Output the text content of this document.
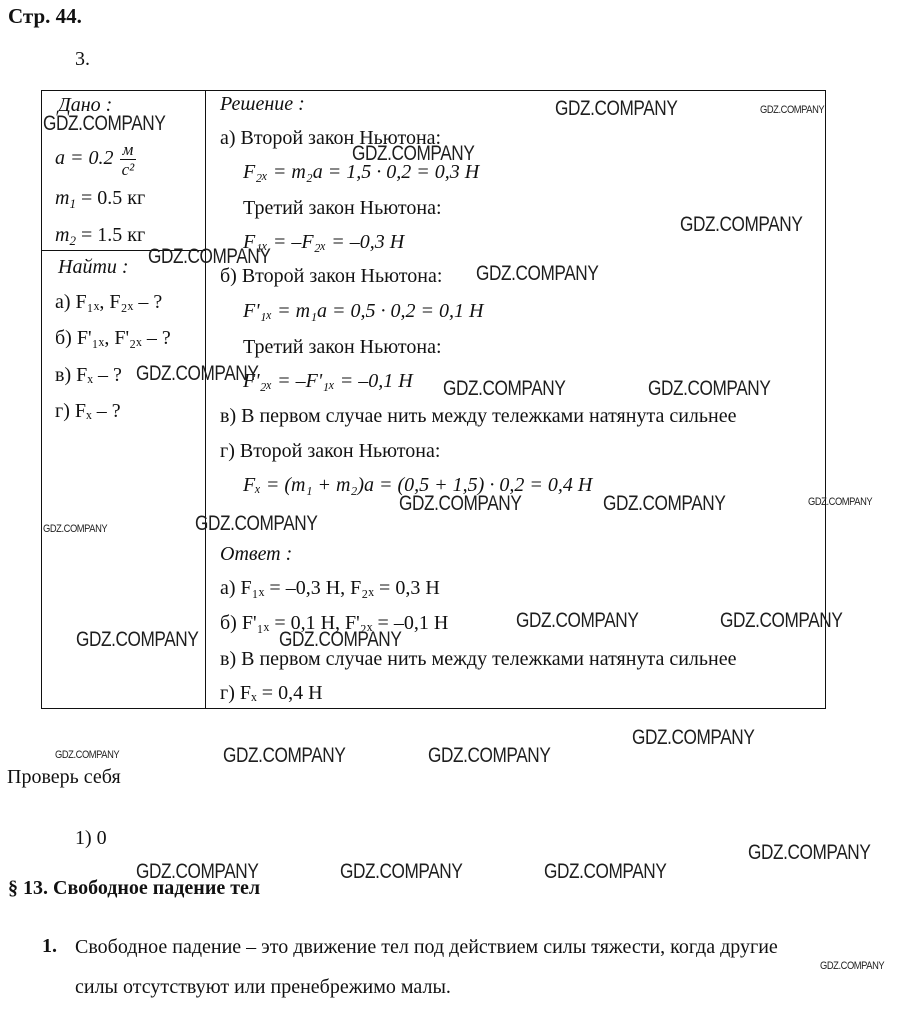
Стр. 44.
3.
Дано :
$a = 0.2 \frac{м}{\text{с²}}$
$m_1 = 0.5$ кг
$m_2 = 1.5$ кг
Найти :
а) F₁ₓ, F₂ₓ – ?
б) F'₁ₓ, F'₂ₓ – ?
в) Fₓ – ?
г) Fₓ – ?
Решение :
а) Второй закон Ньютона:
F₂ₓ = m₂a = 1,5 · 0,2 = 0,3 Н
Третий закон Ньютона:
F₁ₓ = –F₂ₓ = –0,3 Н
б) Второй закон Ньютона:
F'₁ₓ = m₁a = 0,5 · 0,2 = 0,1 Н
Третий закон Ньютона:
F'₂ₓ = –F'₁ₓ = –0,1 Н
в) В первом случае нить между тележками натянута сильнее
г) Второй закон Ньютона:
Fₓ = (m₁ + m₂)a = (0,5 + 1,5) · 0,2 = 0,4 Н
Ответ :
а) F₁ₓ = –0,3 Н, F₂ₓ = 0,3 Н
б) F'₁ₓ = 0,1 Н, F'₂ₓ = –0,1 Н
в) В первом случае нить между тележками натянута сильнее
г) Fₓ = 0,4 Н
Проверь себя
1) 0
§ 13. Свободное падение тел
1. Свободное падение – это движение тел под действием силы тяжести, когда другие
силы отсутствуют или пренебрежимо малы.
GDZ.COMPANY	GDZ.COMPANY
GDZ.COMPANY
GDZ.COMPANY
GDZ.COMPANY
GDZ.COMPANY
GDZ.COMPANY
GDZ.COMPANY
GDZ.COMPANY	GDZ.COMPANY
GDZ.COMPANY	GDZ.COMPANY	GDZ.COMPANY
GDZ.COMPANY	GDZ.COMPANY
GDZ.COMPANY	GDZ.COMPANY
GDZ.COMPANY
GDZ.COMPANY
GDZ.COMPANY
GDZ.COMPANY	GDZ.COMPANY	GDZ.COMPANY
GDZ.COMPANY
GDZ.COMPANY	GDZ.COMPANY	GDZ.COMPANY
GDZ.COMPANY
